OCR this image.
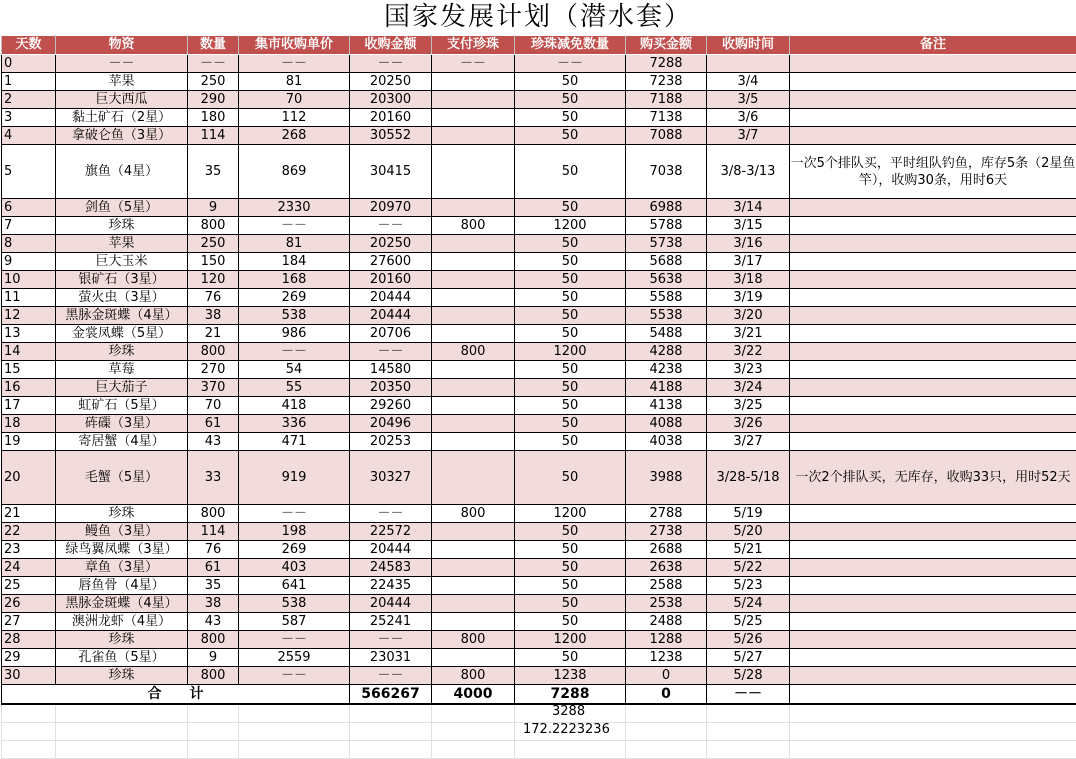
国家发展计划（潜水套）
天数	物资	数量	集市收购单价	收购金额	支付珍珠	珍珠减免数量	购买金额	收购时间	备注
0	－－	－－	－－	－－	－－	－－	7288		
1	苹果	250	81	20250		50	7238	3/4	
2	巨大西瓜	290	70	20300		50	7188	3/5	
3	黏土矿石（2星）	180	112	20160		50	7138	3/6	
4	拿破仑鱼（3星）	114	268	30552		50	7088	3/7	
5	旗鱼（4星）	35	869	30415		50	7038	3/8-3/13	一次5个排队买，平时组队钓鱼，库存5条（2星鱼竿），收购30条，用时6天
6	剑鱼（5星）	9	2330	20970		50	6988	3/14	
7	珍珠	800	－－	－－	800	1200	5788	3/15	
8	苹果	250	81	20250		50	5738	3/16	
9	巨大玉米	150	184	27600		50	5688	3/17	
10	银矿石（3星）	120	168	20160		50	5638	3/18	
11	萤火虫（3星）	76	269	20444		50	5588	3/19	
12	黑脉金斑蝶（4星）	38	538	20444		50	5538	3/20	
13	金裳凤蝶（5星）	21	986	20706		50	5488	3/21	
14	珍珠	800	－－	－－	800	1200	4288	3/22	
15	草莓	270	54	14580		50	4238	3/23	
16	巨大茄子	370	55	20350		50	4188	3/24	
17	虹矿石（5星）	70	418	29260		50	4138	3/25	
18	砗磲（3星）	61	336	20496		50	4088	3/26	
19	寄居蟹（4星）	43	471	20253		50	4038	3/27	
20	毛蟹（5星）	33	919	30327		50	3988	3/28-5/18	一次2个排队买，无库存，收购33只，用时52天
21	珍珠	800	－－	－－	800	1200	2788	5/19	
22	鳗鱼（3星）	114	198	22572		50	2738	5/20	
23	绿鸟翼凤蝶（3星）	76	269	20444		50	2688	5/21	
24	章鱼（3星）	61	403	24583		50	2638	5/22	
25	唇鱼骨（4星）	35	641	22435		50	2588	5/23	
26	黑脉金斑蝶（4星）	38	538	20444		50	2538	5/24	
27	澳洲龙虾（4星）	43	587	25241		50	2488	5/25	
28	珍珠	800	－－	－－	800	1200	1288	5/26	
29	孔雀鱼（5星）	9	2559	23031		50	1238	5/27	
30	珍珠	800	－－	－－	800	1238	0	5/28	
合　　计				566267	4000	7288	0	－－	

3288
172.2223236
